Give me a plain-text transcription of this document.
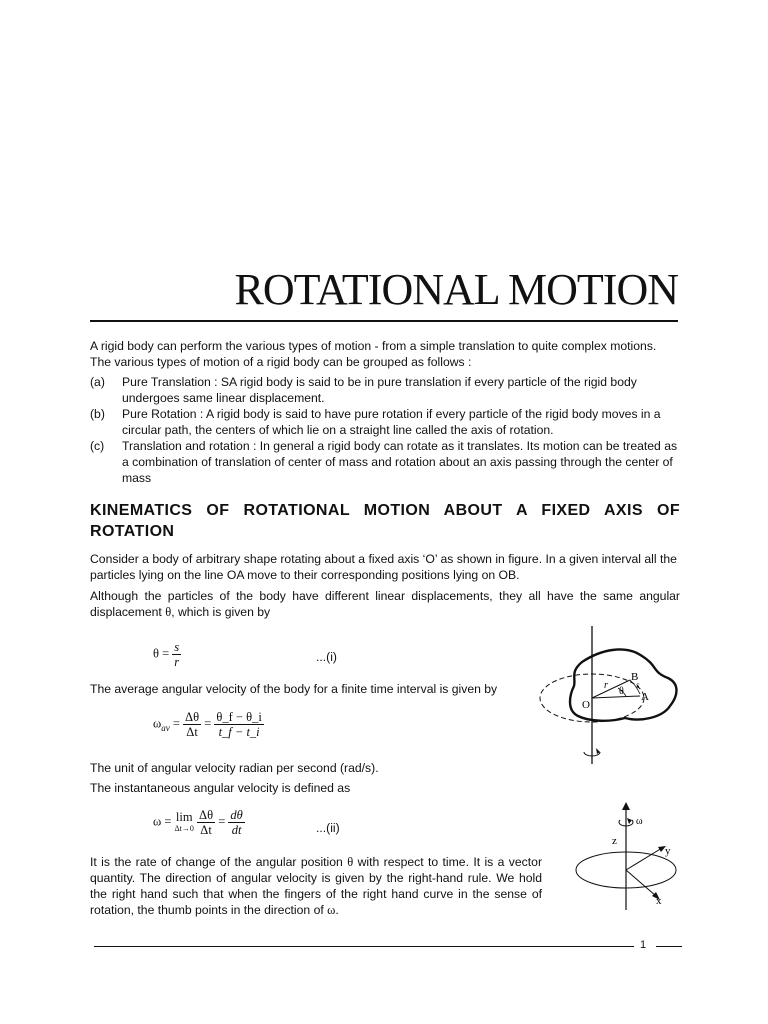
ROTATIONAL MOTION
A rigid body can perform the various types of motion - from a simple translation to quite complex motions. The various types of motion of a rigid body can be grouped as follows :
(a)	Pure Translation : SA rigid body is said to be in pure translation if every particle of the rigid body undergoes same linear displacement.
(b)	Pure Rotation : A rigid body is said to have pure rotation if every particle of the rigid body moves in a circular path, the centers of which lie on a straight line called the axis of rotation.
(c)	Translation and rotation : In general a rigid body can rotate as it translates. Its motion can be treated as a combination of translation of center of mass and rotation about an axis passing through the center of mass
KINEMATICS OF ROTATIONAL MOTION ABOUT A FIXED AXIS OF ROTATION
Consider a body of arbitrary shape rotating about a fixed axis ‘O’ as shown in figure. In a given interval all the particles lying on the line OA move to their corresponding positions lying on OB.
Although the particles of the body have different linear displacements, they all have the same angular displacement θ, which is given by
$\theta = \frac{s}{r}$	...(i)
The average angular velocity of the body for a finite time interval is given by
$\omega_{av} = \frac{\Delta\theta}{\Delta t} = \frac{\theta\_f - \theta\_i}{t\_f - t\_i}$
The unit of angular velocity radian per second (rad/s).
The instantaneous angular velocity is defined as
ω = lim
Δt→0
$\frac{\Delta\theta}{\Delta t} = \frac{d\theta}{dt}$	...(ii)
It is the rate of change of the angular position θ with respect to time. It is a vector quantity. The direction of angular velocity is given by the right-hand rule. We hold the right hand such that when the fingers of the right hand curve in the sense of rotation, the thumb points in the direction of ω.
O
A
B
r
θ
s
z
y
x
ω
1
